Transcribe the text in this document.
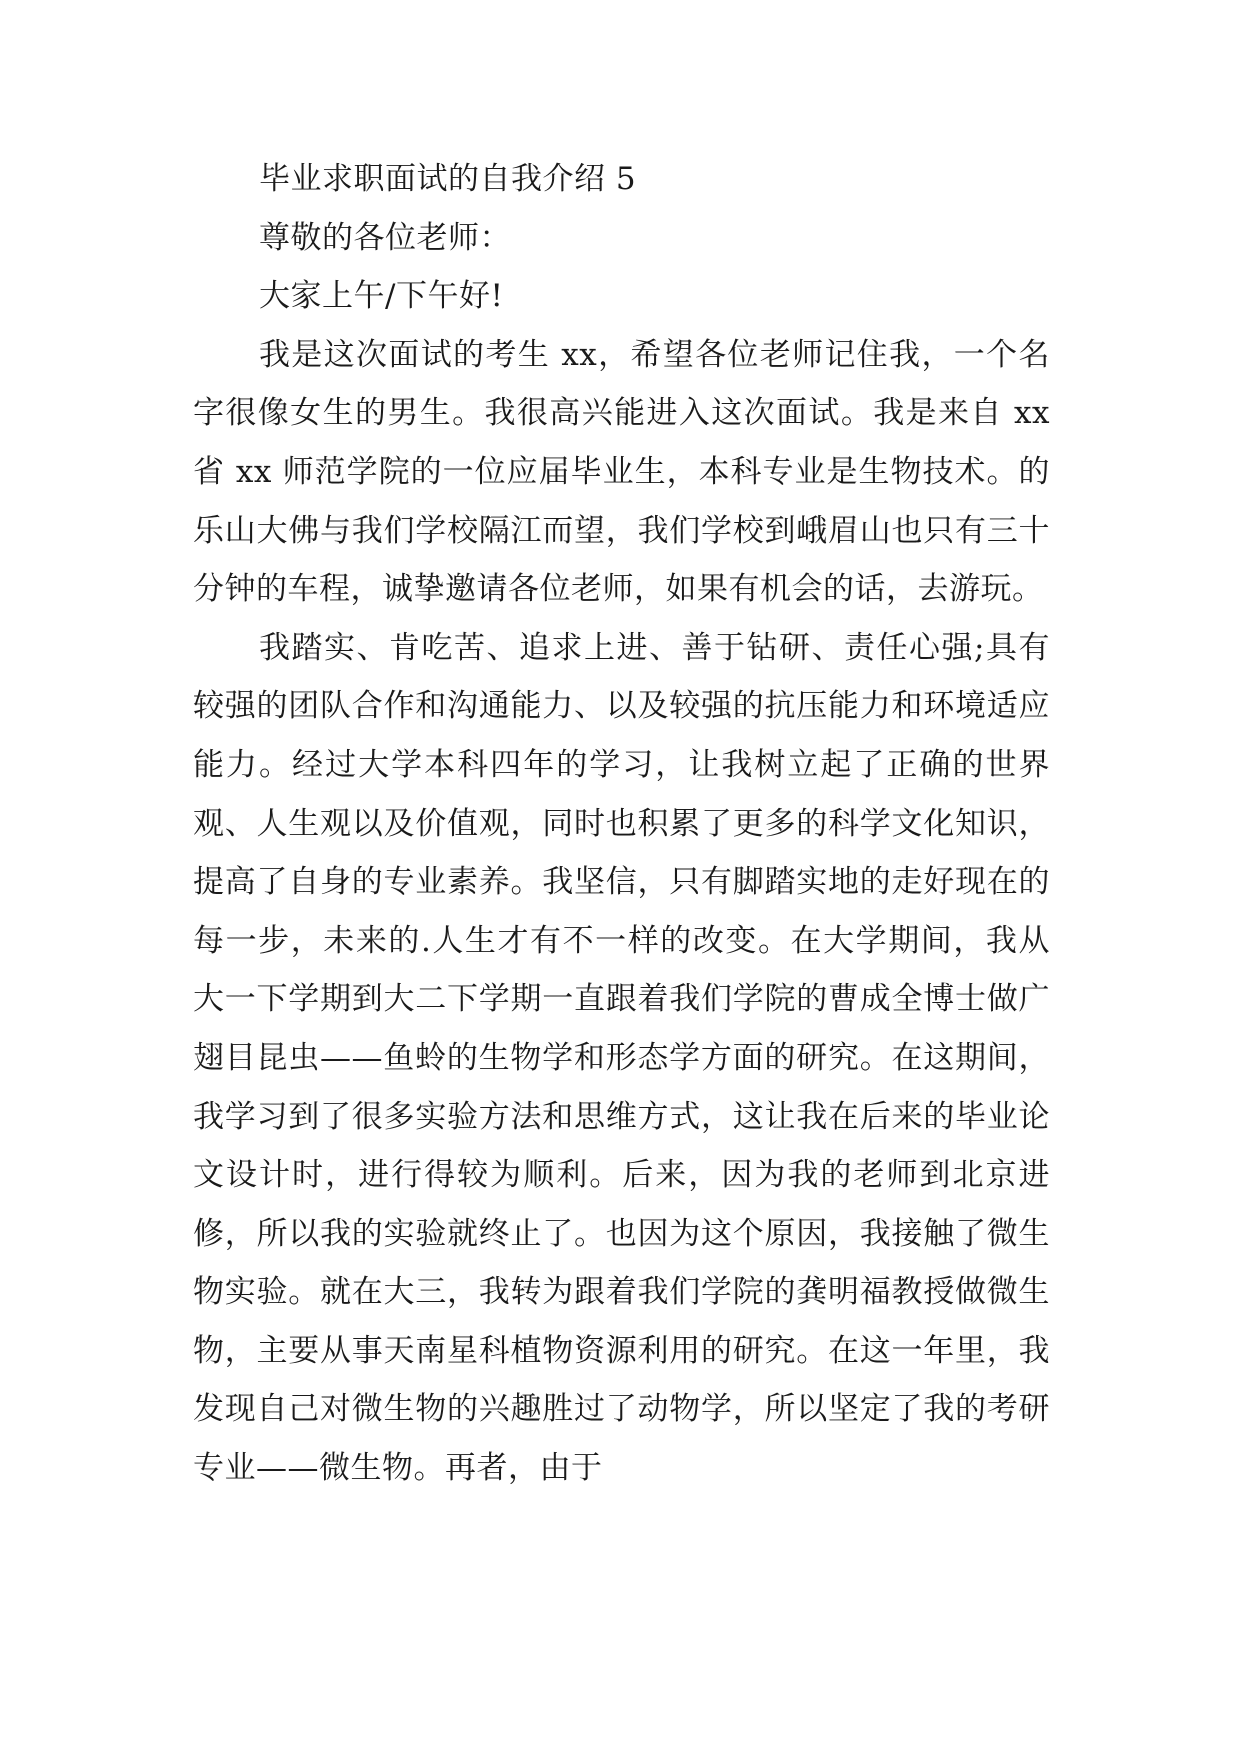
毕业求职面试的自我介绍 5

尊敬的各位老师：

大家上午/下午好!

我是这次面试的考生 xx，希望各位老师记住我，一个名字很像女生的男生。我很高兴能进入这次面试。我是来自 xx 省 xx 师范学院的一位应届毕业生，本科专业是生物技术。的乐山大佛与我们学校隔江而望，我们学校到峨眉山也只有三十分钟的车程，诚挚邀请各位老师，如果有机会的话，去游玩。

我踏实、肯吃苦、追求上进、善于钻研、责任心强;具有较强的团队合作和沟通能力、以及较强的抗压能力和环境适应能力。经过大学本科四年的学习，让我树立起了正确的世界观、人生观以及价值观，同时也积累了更多的科学文化知识，提高了自身的专业素养。我坚信，只有脚踏实地的走好现在的每一步，未来的.人生才有不一样的改变。在大学期间，我从大一下学期到大二下学期一直跟着我们学院的曹成全博士做广翅目昆虫——鱼蛉的生物学和形态学方面的研究。在这期间，我学习到了很多实验方法和思维方式，这让我在后来的毕业论文设计时，进行得较为顺利。后来，因为我的老师到北京进修，所以我的实验就终止了。也因为这个原因，我接触了微生物实验。就在大三，我转为跟着我们学院的龚明福教授做微生物，主要从事天南星科植物资源利用的研究。在这一年里，我发现自己对微生物的兴趣胜过了动物学，所以坚定了我的考研专业——微生物。再者，由于
